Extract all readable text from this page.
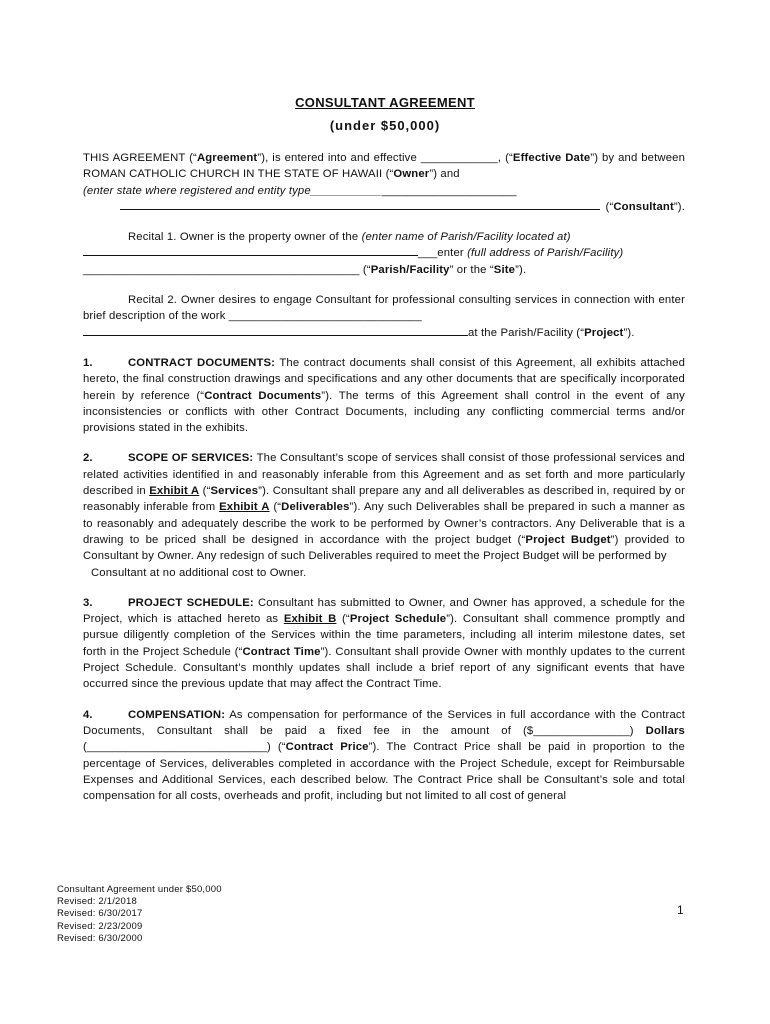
CONSULTANT AGREEMENT
(under $50,000)

THIS AGREEMENT (“Agreement”), is entered into and effective ____________, (“Effective Date”) by and between ROMAN CATHOLIC CHURCH IN THE STATE OF HAWAII (“Owner”) and
(enter state where registered and entity type________________________________
(“Consultant”).

Recital 1. Owner is the property owner of the (enter name of Parish/Facility located at)
___enter (full address of Parish/Facility)
___________________________________________ (“Parish/Facility” or the “Site”).

Recital 2. Owner desires to engage Consultant for professional consulting services in connection with enter brief description of the work ______________________________
at the Parish/Facility (“Project”).

1.	CONTRACT DOCUMENTS: The contract documents shall consist of this Agreement, all exhibits attached hereto, the final construction drawings and specifications and any other documents that are specifically incorporated herein by reference (“Contract Documents”). The terms of this Agreement shall control in the event of any inconsistencies or conflicts with other Contract Documents, including any conflicting commercial terms and/or provisions stated in the exhibits.

2.	SCOPE OF SERVICES: The Consultant’s scope of services shall consist of those professional services and related activities identified in and reasonably inferable from this Agreement and as set forth and more particularly described in Exhibit A (“Services”). Consultant shall prepare any and all deliverables as described in, required by or reasonably inferable from Exhibit A (“Deliverables”). Any such Deliverables shall be prepared in such a manner as to reasonably and adequately describe the work to be performed by Owner’s contractors. Any Deliverable that is a drawing to be priced shall be designed in accordance with the project budget (“Project Budget”) provided to Consultant by Owner. Any redesign of such Deliverables required to meet the Project Budget will be performed by
Consultant at no additional cost to Owner.

3.	PROJECT SCHEDULE: Consultant has submitted to Owner, and Owner has approved, a schedule for the Project, which is attached hereto as Exhibit B (“Project Schedule”). Consultant shall commence promptly and pursue diligently completion of the Services within the time parameters, including all interim milestone dates, set forth in the Project Schedule (“Contract Time”). Consultant shall provide Owner with monthly updates to the current Project Schedule. Consultant’s monthly updates shall include a brief report of any significant events that have occurred since the previous update that may affect the Contract Time.

4.	COMPENSATION: As compensation for performance of the Services in full accordance with the Contract Documents, Consultant shall be paid a fixed fee in the amount of ($_______________) Dollars (____________________________) (“Contract Price”). The Contract Price shall be paid in proportion to the percentage of Services, deliverables completed in accordance with the Project Schedule, except for Reimbursable Expenses and Additional Services, each described below. The Contract Price shall be Consultant’s sole and total compensation for all costs, overheads and profit, including but not limited to all cost of general

Consultant Agreement under $50,000
Revised: 2/1/2018
Revised: 6/30/2017
Revised: 2/23/2009
Revised: 6/30/2000
1
